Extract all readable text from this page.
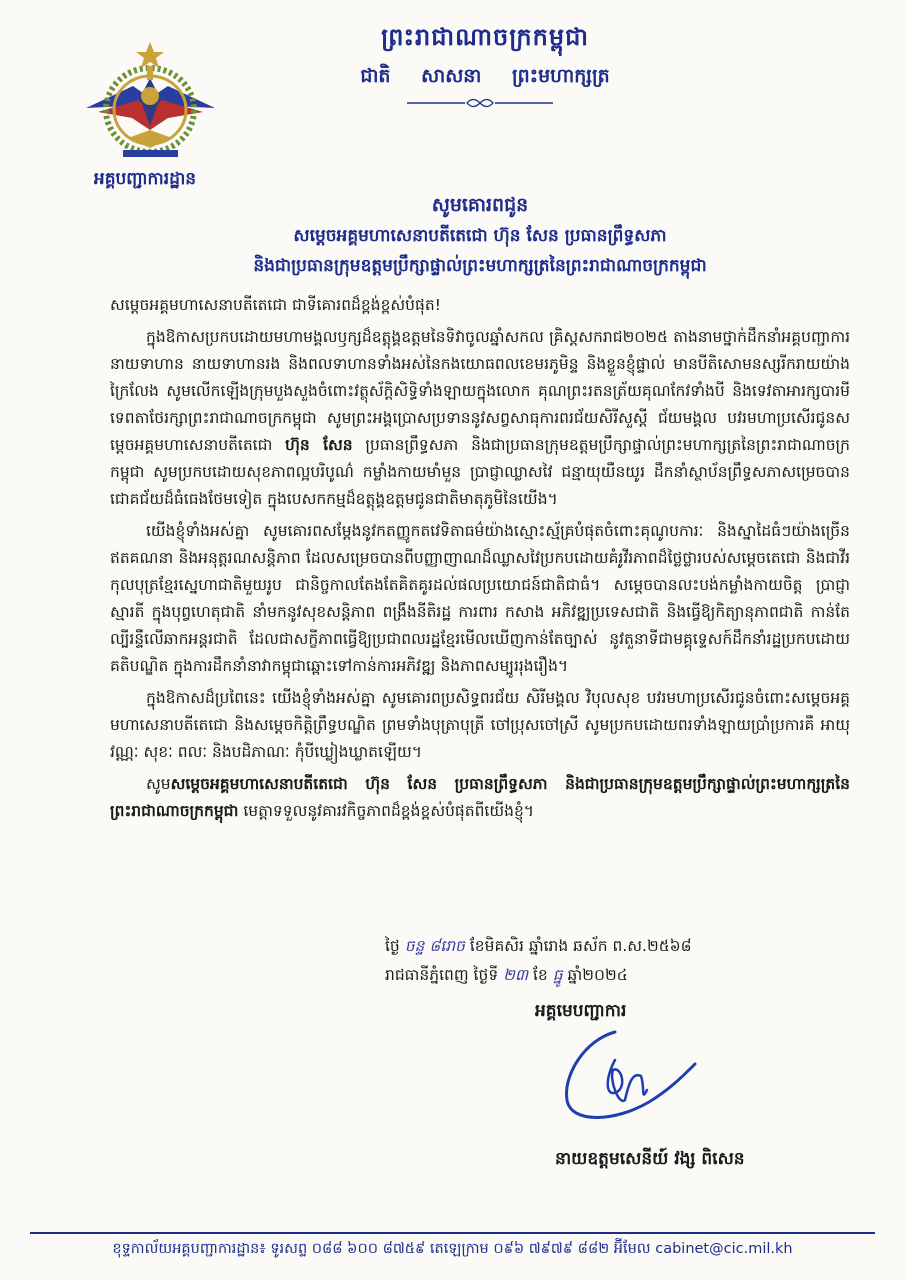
អគ្គបញ្ជាការដ្ឋាន
ព្រះរាជាណាចក្រកម្ពុជា
ជាតិ សាសនា ព្រះមហាក្សត្រ
សូមគោរពជូន
សម្តេចអគ្គមហាសេនាបតីតេជោ ហ៊ុន សែន ប្រធានព្រឹទ្ធសភា
និងជាប្រធានក្រុមឧត្តមប្រឹក្សាផ្ទាល់ព្រះមហាក្សត្រនៃព្រះរាជាណាចក្រកម្ពុជា

សម្តេចអគ្គមហាសេនាបតីតេជោ ជាទីគោរពដ៏ខ្ពង់ខ្ពស់បំផុត!

ក្នុងឱកាសប្រកបដោយមហាមង្គលឫក្សដ៏ឧត្តុង្គឧត្តមនៃទិវាចូលឆ្នាំសកល គ្រិស្តសករាជ២០២៥ តាងនាមថ្នាក់ដឹកនាំអគ្គបញ្ជាការ នាយទាហាន នាយទាហានរង និងពលទាហានទាំងអស់នៃកងយោធពលខេមរភូមិន្ទ និងខ្លួនខ្ញុំផ្ទាល់ មានបីតិសោមនស្សរីករាយយ៉ាងក្រៃលែង សូមលើកឡើងក្រុមបួងសួងចំពោះវត្ថុស័ក្តិសិទ្ធិទាំងឡាយក្នុងលោក គុណព្រះរតនត្រ័យគុណកែវទាំងបី និងទេវតាអារក្សបារមីទេពតាថែរក្សាព្រះរាជាណាចក្រកម្ពុជា សូមព្រះអង្គប្រោសប្រទាននូវសព្វសាធុការពរជ័យសិរីសួស្តី ជ័យមង្គល បវរមហាប្រសើរជូនសម្តេចអគ្គមហាសេនាបតីតេជោ ហ៊ុន សែន ប្រធានព្រឹទ្ធសភា និងជាប្រធានក្រុមឧត្តមប្រឹក្សាផ្ទាល់ព្រះមហាក្សត្រនៃព្រះរាជាណាចក្រកម្ពុជា សូមប្រកបដោយសុខភាពល្អបរិបូណ៌ កម្លាំងកាយមាំមួន ប្រាជ្ញាឈ្លាសវៃ ជន្មាយុយឺនយូរ ដឹកនាំស្ថាប័នព្រឹទ្ធសភាសម្រេចបានជោគជ័យដ៏ធំធេងថែមទៀត ក្នុងបេសកកម្មដ៏ឧត្តុង្គឧត្តមជូនជាតិមាតុភូមិនៃយើង។

យើងខ្ញុំទាំងអស់គ្នា សូមគោរពសម្តែងនូវកតញ្ញូកតវេទិតាធម៌យ៉ាងស្មោះស្ម័គ្របំផុតចំពោះគុណូបការៈ និងស្នាដៃធំៗយ៉ាងច្រើនឥតគណនា និងអនុត្តរណសន្តិភាព ដែលសម្រេចបានពីបញ្ញាញាណដ៏ឈ្លាសវៃប្រកបដោយគំរូវីរភាពដ៏ថ្លៃថ្លារបស់សម្តេចតេជោ និងជាវីរកុលបុត្រខ្មែរស្នេហាជាតិមួយរូប ជានិច្ចកាលតែងតែគិតគូរដល់ផលប្រយោជន៍ជាតិជាធំ។ សម្តេចបានលះបង់កម្លាំងកាយចិត្ត ប្រាជ្ញាស្មារតី ក្នុងបុព្វហេតុជាតិ នាំមកនូវសុខសន្តិភាព ពង្រឹងនីតិរដ្ឋ ការពារ កសាង អភិវឌ្ឍប្រទេសជាតិ និងធ្វើឱ្យកិត្យានុភាពជាតិ កាន់តែល្បីរន្ទឺលើឆាកអន្តរជាតិ ដែលជាសក្ខីភាពធ្វើឱ្យប្រជាពលរដ្ឋខ្មែរមើលឃើញកាន់តែច្បាស់ នូវតួនាទីជាមគ្គុទ្ទេសក៍ដឹកនាំរដ្ឋប្រកបដោយគតិបណ្ឌិត ក្នុងការដឹកនាំនាវាកម្ពុជាឆ្ពោះទៅកាន់ការអភិវឌ្ឍ និងភាពសម្បូររុងរឿង។

ក្នុងឱកាសដ៏ប្រពៃនេះ យើងខ្ញុំទាំងអស់គ្នា សូមគោរពប្រសិទ្ធពរជ័យ សិរីមង្គល វិបុលសុខ បវរមហាប្រសើរជូនចំពោះសម្តេចអគ្គមហាសេនាបតីតេជោ និងសម្តេចកិត្តិព្រឹទ្ធបណ្ឌិត ព្រមទាំងបុត្រាបុត្រី ចៅប្រុសចៅស្រី សូមប្រកបដោយពរទាំងឡាយប្រាំប្រការគឺ អាយុ វណ្ណៈ សុខៈ ពលៈ និងបដិភាណៈ កុំបីឃ្លៀងឃ្លាតឡើយ។

សូមសម្តេចអគ្គមហាសេនាបតីតេជោ ហ៊ុន សែន ប្រធានព្រឹទ្ធសភា និងជាប្រធានក្រុមឧត្តមប្រឹក្សាផ្ទាល់ព្រះមហាក្សត្រនៃព្រះរាជាណាចក្រកម្ពុជា មេត្តាទទួលនូវគារវកិច្ចភាពដ៏ខ្ពង់ខ្ពស់បំផុតពីយើងខ្ញុំ។

ថ្ងៃ ចន្ទ ៨រោច ខែមិគសិរ ឆ្នាំរោង ឆស័ក ព.ស.២៥៦៨
រាជធានីភ្នំពេញ ថ្ងៃទី ២៣ ខែ ធ្នូ ឆ្នាំ២០២៤
អគ្គមេបញ្ជាការ
នាយឧត្តមសេនីយ៍ វង្ស ពិសេន
ខុទ្ទកាល័យអគ្គបញ្ជាការដ្ឋាន៖ ទូរសព្ទ ០៨៨ ៦០០ ៨៧៥៩ តេឡេក្រាម ០៩៦ ៧៩៧៩ ៨៨២ អ៊ីមែល cabinet@cic.mil.kh
